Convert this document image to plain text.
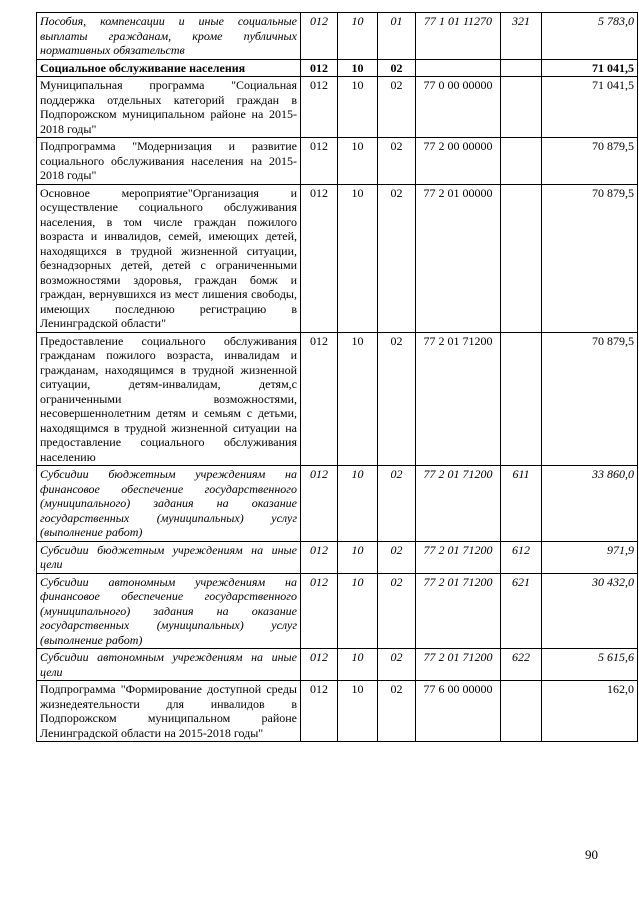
Пособия, компенсации и иные социальные выплаты гражданам, кроме публичных нормативных обязательств	012	10	01	77 1 01 11270	321	5 783,0
Социальное обслуживание населения	012	10	02			71 041,5
Муниципальная программа "Социальная поддержка отдельных категорий граждан в Подпорожском муниципальном районе на 2015-2018 годы"	012	10	02	77 0 00 00000		71 041,5
Подпрограмма "Модернизация и развитие социального обслуживания населения на 2015-2018 годы"	012	10	02	77 2 00 00000		70 879,5
Основное мероприятие"Организация и осуществление социального обслуживания населения, в том числе граждан пожилого возраста и инвалидов, семей, имеющих детей, находящихся в трудной жизненной ситуации, безнадзорных детей, детей с ограниченными возможностями здоровья, граждан бомж и граждан, вернувшихся из мест лишения свободы, имеющих последнюю регистрацию в Ленинградской области"	012	10	02	77 2 01 00000		70 879,5
Предоставление социального обслуживания гражданам пожилого возраста, инвалидам и гражданам, находящимся в трудной жизненной ситуации, детям-инвалидам, детям,с ограниченными возможностями, несовершеннолетним детям и семьям с детьми, находящимся в трудной жизненной ситуации на предоставление социального обслуживания населению	012	10	02	77 2 01 71200		70 879,5
Субсидии бюджетным учреждениям на финансовое обеспечение государственного (муниципального) задания на оказание государственных (муниципальных) услуг (выполнение работ)	012	10	02	77 2 01 71200	611	33 860,0
Субсидии бюджетным учреждениям на иные цели	012	10	02	77 2 01 71200	612	971,9
Субсидии автономным учреждениям на финансовое обеспечение государственного (муниципального) задания на оказание государственных (муниципальных) услуг (выполнение работ)	012	10	02	77 2 01 71200	621	30 432,0
Субсидии автономным учреждениям на иные цели	012	10	02	77 2 01 71200	622	5 615,6
Подпрограмма "Формирование доступной среды жизнедеятельности для инвалидов в Подпорожском муниципальном районе Ленинградской области на 2015-2018 годы"	012	10	02	77 6 00 00000		162,0
90
